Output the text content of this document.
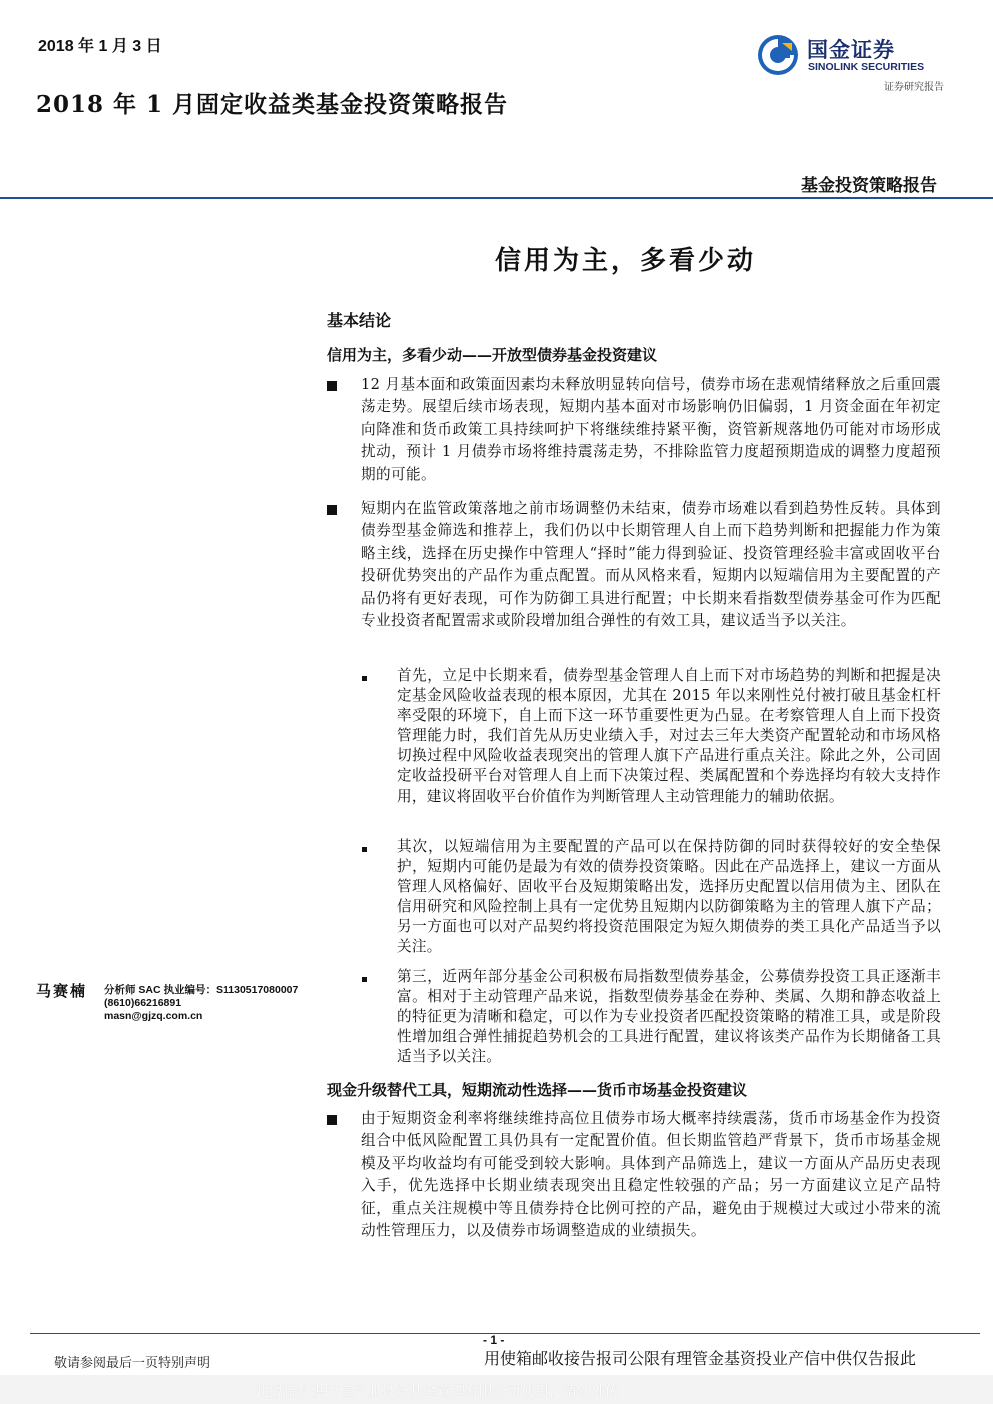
2018 年 1 月 3 日
2018 年 1 月固定收益类基金投资策略报告
国金证券
SINOLINK SECURITIES
证券研究报告
基金投资策略报告
信用为主，多看少动
基本结论
信用为主，多看少动——开放型债券基金投资建议
12 月基本面和政策面因素均未释放明显转向信号，债券市场在悲观情绪释放之后重回震荡走势。展望后续市场表现，短期内基本面对市场影响仍旧偏弱，1 月资金面在年初定向降准和货币政策工具持续呵护下将继续维持紧平衡，资管新规落地仍可能对市场形成扰动，预计 1 月债券市场将维持震荡走势，不排除监管力度超预期造成的调整力度超预期的可能。
短期内在监管政策落地之前市场调整仍未结束，债券市场难以看到趋势性反转。具体到债券型基金筛选和推荐上，我们仍以中长期管理人自上而下趋势判断和把握能力作为策略主线，选择在历史操作中管理人“择时”能力得到验证、投资管理经验丰富或固收平台投研优势突出的产品作为重点配置。而从风格来看，短期内以短端信用为主要配置的产品仍将有更好表现，可作为防御工具进行配置；中长期来看指数型债券基金可作为匹配专业投资者配置需求或阶段增加组合弹性的有效工具，建议适当予以关注。
首先，立足中长期来看，债券型基金管理人自上而下对市场趋势的判断和把握是决定基金风险收益表现的根本原因，尤其在 2015 年以来刚性兑付被打破且基金杠杆率受限的环境下，自上而下这一环节重要性更为凸显。在考察管理人自上而下投资管理能力时，我们首先从历史业绩入手，对过去三年大类资产配置轮动和市场风格切换过程中风险收益表现突出的管理人旗下产品进行重点关注。除此之外，公司固定收益投研平台对管理人自上而下决策过程、类属配置和个券选择均有较大支持作用，建议将固收平台价值作为判断管理人主动管理能力的辅助依据。
其次，以短端信用为主要配置的产品可以在保持防御的同时获得较好的安全垫保护，短期内可能仍是最为有效的债券投资策略。因此在产品选择上，建议一方面从管理人风格偏好、固收平台及短期策略出发，选择历史配置以信用债为主、团队在信用研究和风险控制上具有一定优势且短期内以防御策略为主的管理人旗下产品；另一方面也可以对产品契约将投资范围限定为短久期债券的类工具化产品适当予以关注。
第三，近两年部分基金公司积极布局指数型债券基金，公募债券投资工具正逐渐丰富。相对于主动管理产品来说，指数型债券基金在券种、类属、久期和静态收益上的特征更为清晰和稳定，可以作为专业投资者匹配投资策略的精准工具，或是阶段性增加组合弹性捕捉趋势机会的工具进行配置，建议将该类产品作为长期储备工具适当予以关注。
现金升级替代工具，短期流动性选择——货币市场基金投资建议
由于短期资金利率将继续维持高位且债券市场大概率持续震荡，货币市场基金作为投资组合中低风险配置工具仍具有一定配置价值。但长期监管趋严背景下，货币市场基金规模及平均收益均有可能受到较大影响。具体到产品筛选上，建议一方面从产品历史表现入手，优先选择中长期业绩表现突出且稳定性较强的产品；另一方面建议立足产品特征，重点关注规模中等且债券持仓比例可控的产品，避免由于规模过大或过小带来的流动性管理压力，以及债券市场调整造成的业绩损失。
马赛楠 分析师 SAC 执业编号：S1130517080007
(8610)66216891
masn@gjzq.com.cn
- 1 -
敬请参阅最后一页特别声明	用使箱邮收接告报司公限有理管金基资投业产信中供仅告报此
此报告仅供中信产业投资基金管理有限公司使用，请勿外传
